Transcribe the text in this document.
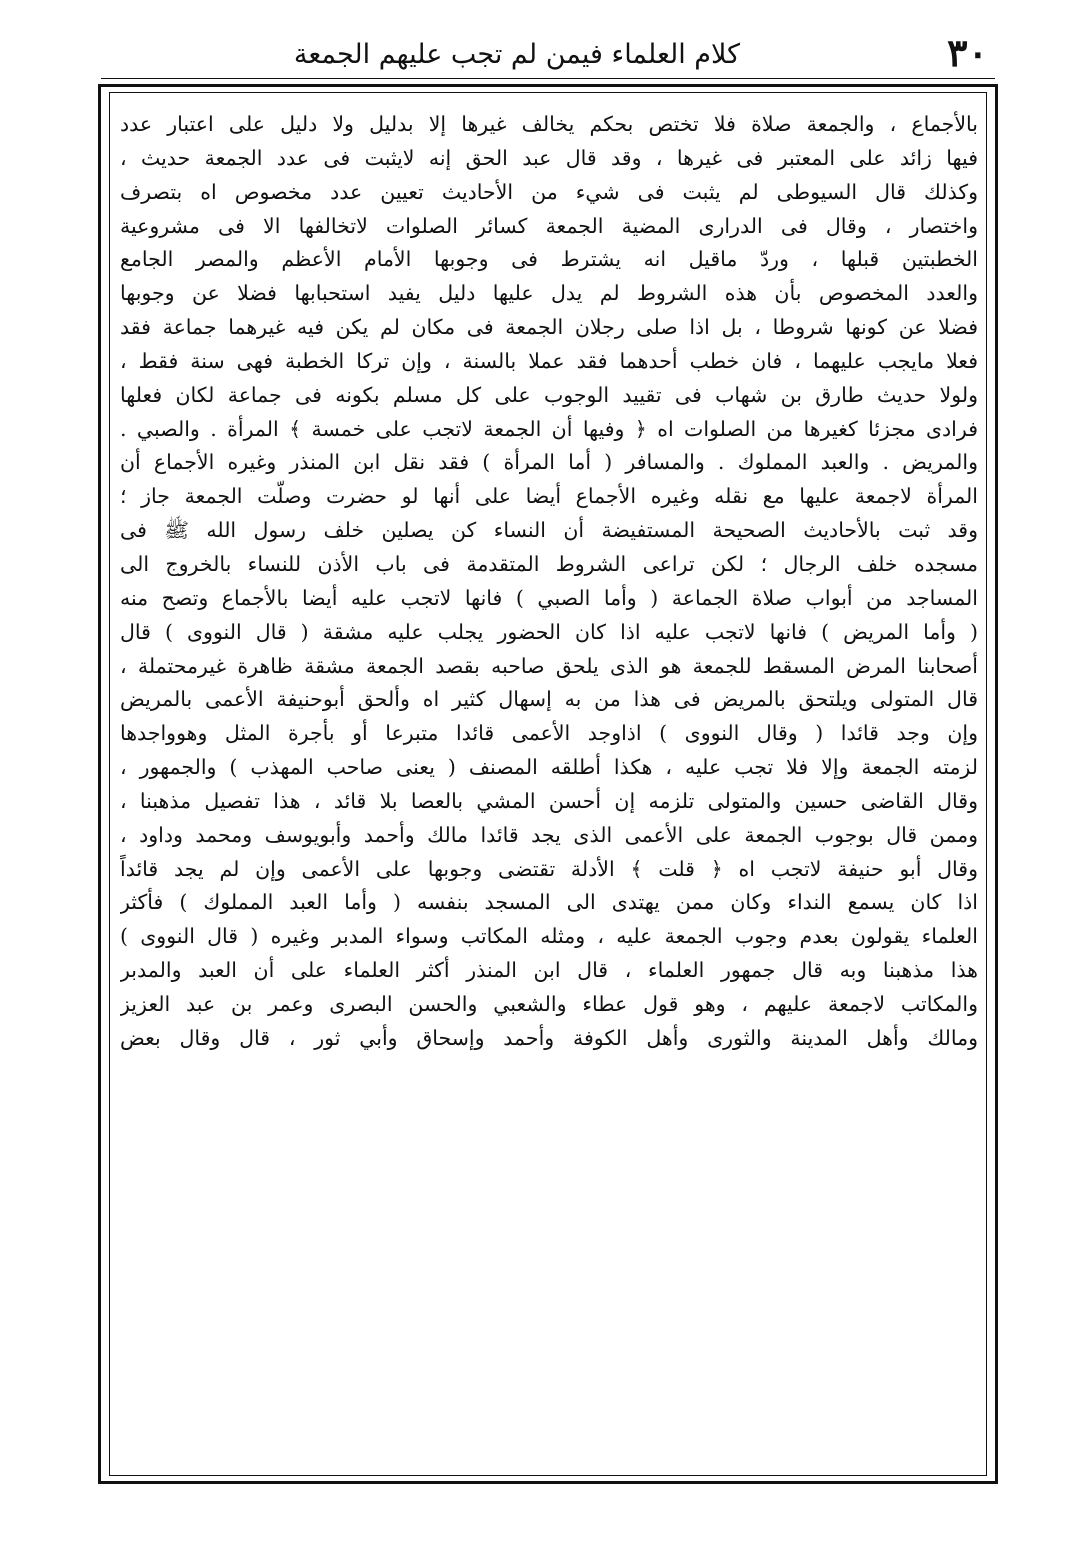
٣٠
كلام العلماء فيمن لم تجب عليهم الجمعة
بالأجماع ، والجمعة صلاة فلا تختص بحكم يخالف غيرها إلا بدليل ولا دليل على اعتبار عدد
فيها زائد على المعتبر فى غيرها ، وقد قال عبد الحق إنه لايثبت فى عدد الجمعة حديث ،
وكذلك قال السيوطى لم يثبت فى شيء من الأحاديث تعيين عدد مخصوص اه بتصرف
واختصار ، وقال فى الدرارى المضية الجمعة كسائر الصلوات لاتخالفها الا فى مشروعية
الخطبتين قبلها ، وردّ ماقيل انه يشترط فى وجوبها الأمام الأعظم والمصر الجامع
والعدد المخصوص بأن هذه الشروط لم يدل عليها دليل يفيد استحبابها فضلا عن وجوبها
فضلا عن كونها شروطا ، بل اذا صلى رجلان الجمعة فى مكان لم يكن فيه غيرهما جماعة فقد
فعلا مايجب عليهما ، فان خطب أحدهما فقد عملا بالسنة ، وإن تركا الخطبة فهى سنة فقط ،
ولولا حديث طارق بن شهاب فى تقييد الوجوب على كل مسلم بكونه فى جماعة لكان فعلها
فرادى مجزئا كغيرها من الصلوات اه ﴿ وفيها أن الجمعة لاتجب على خمسة ﴾ المرأة . والصبي .
والمريض . والعبد المملوك . والمسافر ( أما المرأة ) فقد نقل ابن المنذر وغيره الأجماع أن
المرأة لاجمعة عليها مع نقله وغيره الأجماع أيضا على أنها لو حضرت وصلّت الجمعة جاز ؛
وقد ثبت بالأحاديث الصحيحة المستفيضة أن النساء كن يصلين خلف رسول الله ﷺ فى
مسجده خلف الرجال ؛ لكن تراعى الشروط المتقدمة فى باب الأذن للنساء بالخروج الى
المساجد من أبواب صلاة الجماعة ( وأما الصبي ) فانها لاتجب عليه أيضا بالأجماع وتصح منه
( وأما المريض ) فانها لاتجب عليه اذا كان الحضور يجلب عليه مشقة ( قال النووى ) قال
أصحابنا المرض المسقط للجمعة هو الذى يلحق صاحبه بقصد الجمعة مشقة ظاهرة غيرمحتملة ،
قال المتولى ويلتحق بالمريض فى هذا من به إسهال كثير اه وألحق أبوحنيفة الأعمى بالمريض
وإن وجد قائدا ( وقال النووى ) اذاوجد الأعمى قائدا متبرعا أو بأجرة المثل وهوواجدها
لزمته الجمعة وإلا فلا تجب عليه ، هكذا أطلقه المصنف ( يعنى صاحب المهذب ) والجمهور ،
وقال القاضى حسين والمتولى تلزمه إن أحسن المشي بالعصا بلا قائد ، هذا تفصيل مذهبنا ،
وممن قال بوجوب الجمعة على الأعمى الذى يجد قائدا مالك وأحمد وأبويوسف ومحمد وداود ،
وقال أبو حنيفة لاتجب اه ﴿ قلت ﴾ الأدلة تقتضى وجوبها على الأعمى وإن لم يجد قائداً
اذا كان يسمع النداء وكان ممن يهتدى الى المسجد بنفسه ( وأما العبد المملوك ) فأكثر
العلماء يقولون بعدم وجوب الجمعة عليه ، ومثله المكاتب وسواء المدبر وغيره ( قال النووى )
هذا مذهبنا وبه قال جمهور العلماء ، قال ابن المنذر أكثر العلماء على أن العبد والمدبر
والمكاتب لاجمعة عليهم ، وهو قول عطاء والشعبي والحسن البصرى وعمر بن عبد العزيز
ومالك وأهل المدينة والثورى وأهل الكوفة وأحمد وإسحاق وأبي ثور ، قال وقال بعض
